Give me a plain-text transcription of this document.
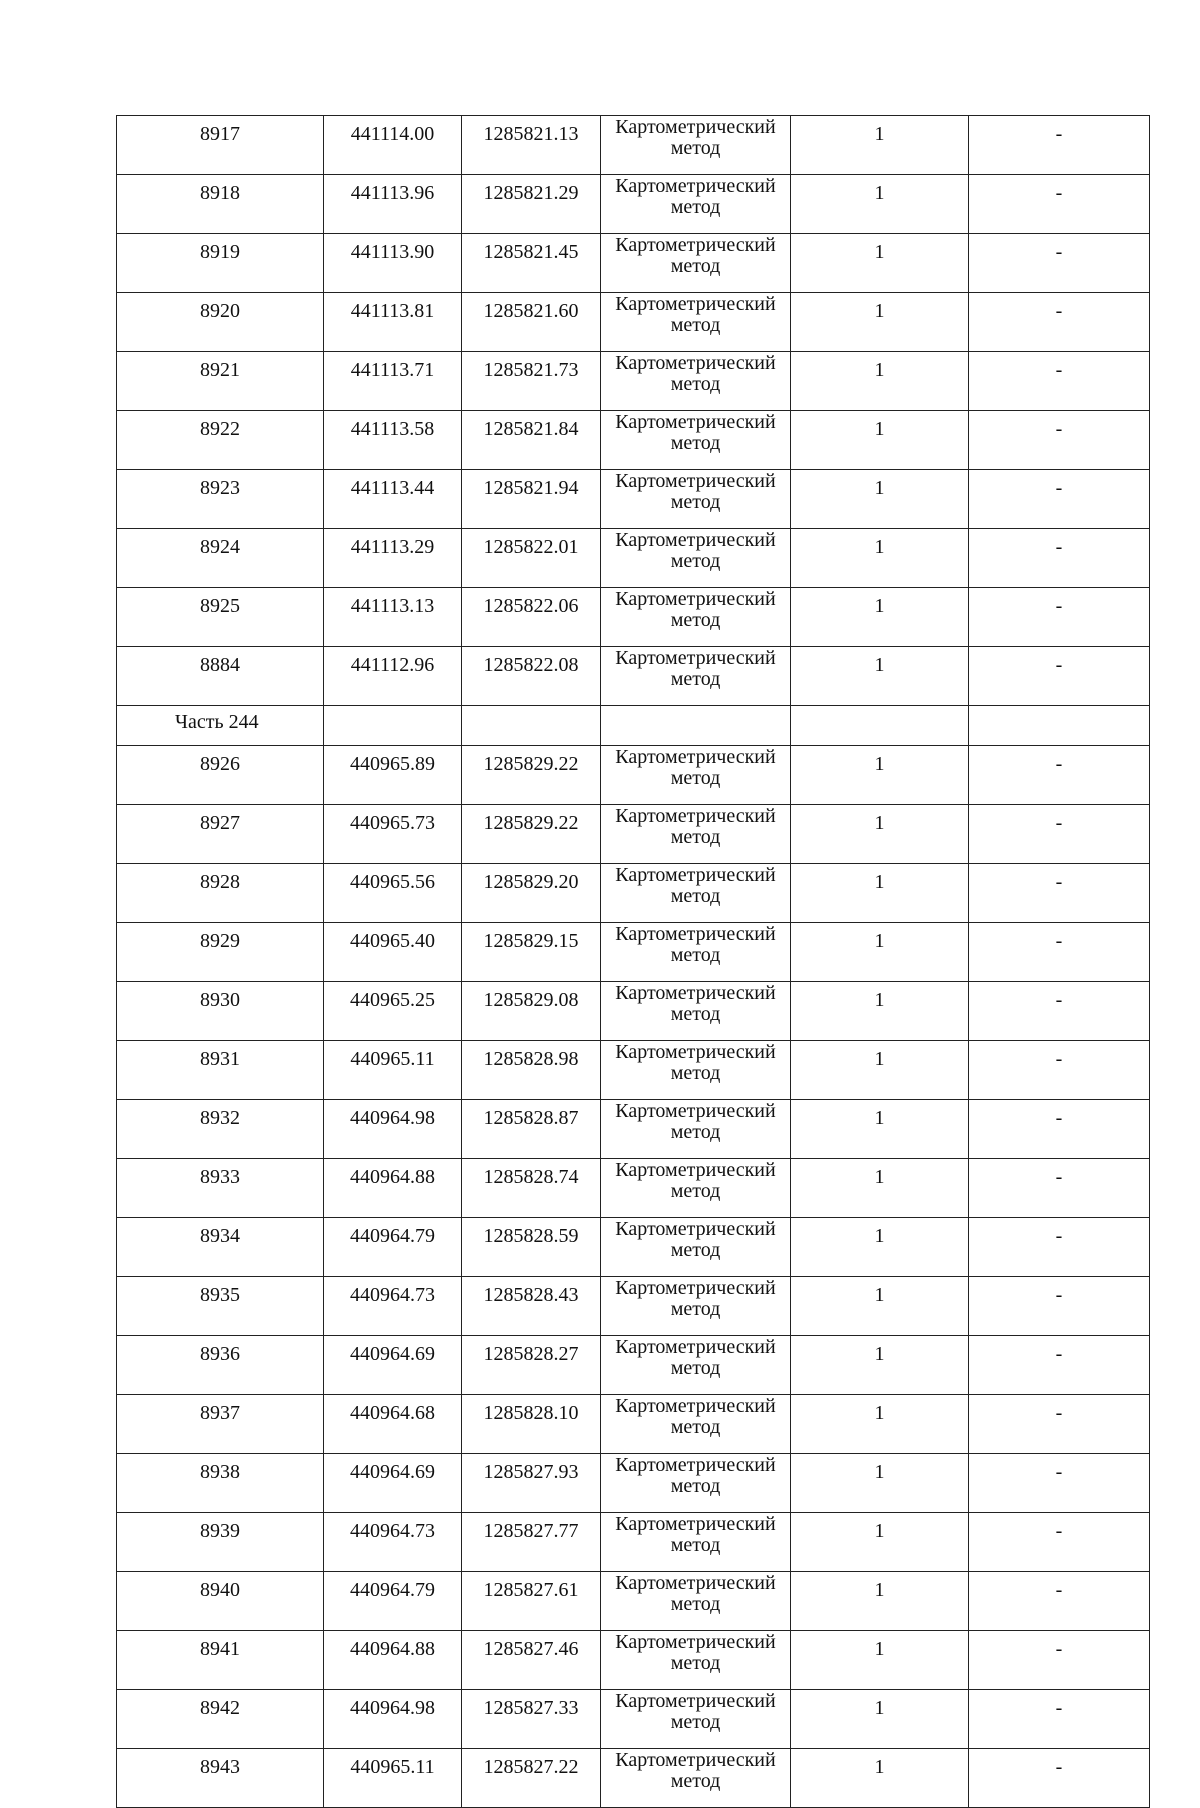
8917	441114.00	1285821.13	Картометрический метод	1	-
8918	441113.96	1285821.29	Картометрический метод	1	-
8919	441113.90	1285821.45	Картометрический метод	1	-
8920	441113.81	1285821.60	Картометрический метод	1	-
8921	441113.71	1285821.73	Картометрический метод	1	-
8922	441113.58	1285821.84	Картометрический метод	1	-
8923	441113.44	1285821.94	Картометрический метод	1	-
8924	441113.29	1285822.01	Картометрический метод	1	-
8925	441113.13	1285822.06	Картометрический метод	1	-
8884	441112.96	1285822.08	Картометрический метод	1	-
Часть 244					
8926	440965.89	1285829.22	Картометрический метод	1	-
8927	440965.73	1285829.22	Картометрический метод	1	-
8928	440965.56	1285829.20	Картометрический метод	1	-
8929	440965.40	1285829.15	Картометрический метод	1	-
8930	440965.25	1285829.08	Картометрический метод	1	-
8931	440965.11	1285828.98	Картометрический метод	1	-
8932	440964.98	1285828.87	Картометрический метод	1	-
8933	440964.88	1285828.74	Картометрический метод	1	-
8934	440964.79	1285828.59	Картометрический метод	1	-
8935	440964.73	1285828.43	Картометрический метод	1	-
8936	440964.69	1285828.27	Картометрический метод	1	-
8937	440964.68	1285828.10	Картометрический метод	1	-
8938	440964.69	1285827.93	Картометрический метод	1	-
8939	440964.73	1285827.77	Картометрический метод	1	-
8940	440964.79	1285827.61	Картометрический метод	1	-
8941	440964.88	1285827.46	Картометрический метод	1	-
8942	440964.98	1285827.33	Картометрический метод	1	-
8943	440965.11	1285827.22	Картометрический метод	1	-
